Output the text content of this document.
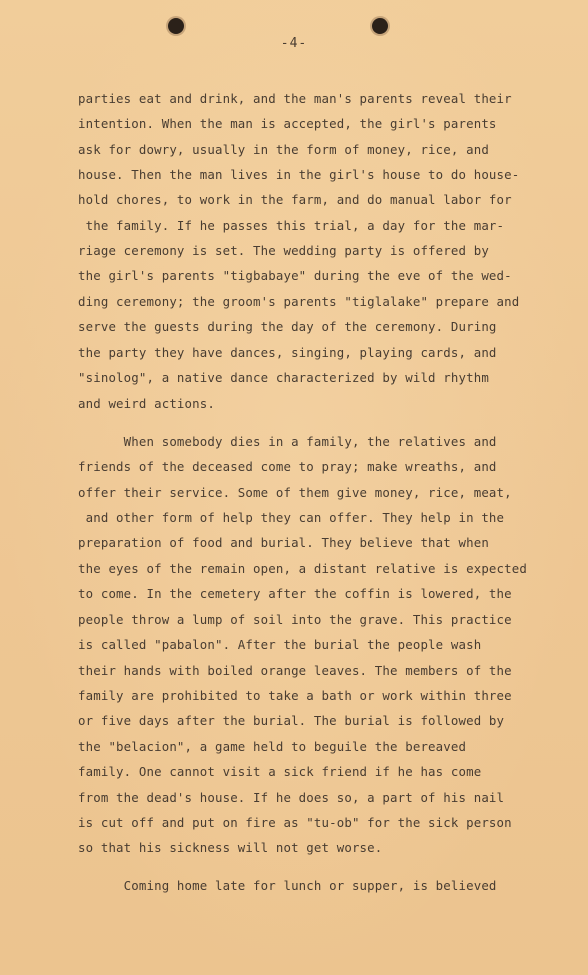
-4-
parties eat and drink, and the man's parents reveal their
intention. When the man is accepted, the girl's parents
ask for dowry, usually in the form of money, rice, and
house. Then the man lives in the girl's house to do house-
hold chores, to work in the farm, and do manual labor for
the family. If he passes this trial, a day for the mar-
riage ceremony is set. The wedding party is offered by
the girl's parents "tigbabaye" during the eve of the wed-
ding ceremony; the groom's parents "tiglalake" prepare and
serve the guests during the day of the ceremony. During
the party they have dances, singing, playing cards, and
"sinolog", a native dance characterized by wild rhythm
and weird actions.
When somebody dies in a family, the relatives and
friends of the deceased come to pray; make wreaths, and
offer their service. Some of them give money, rice, meat,
and other form of help they can offer. They help in the
preparation of food and burial. They believe that when
the eyes of the remain open, a distant relative is expected
to come. In the cemetery after the coffin is lowered, the
people throw a lump of soil into the grave. This practice
is called "pabalon". After the burial the people wash
their hands with boiled orange leaves. The members of the
family are prohibited to take a bath or work within three
or five days after the burial. The burial is followed by
the "belacion", a game held to beguile the bereaved
family. One cannot visit a sick friend if he has come
from the dead's house. If he does so, a part of his nail
is cut off and put on fire as "tu-ob" for the sick person
so that his sickness will not get worse.
Coming home late for lunch or supper, is believed
